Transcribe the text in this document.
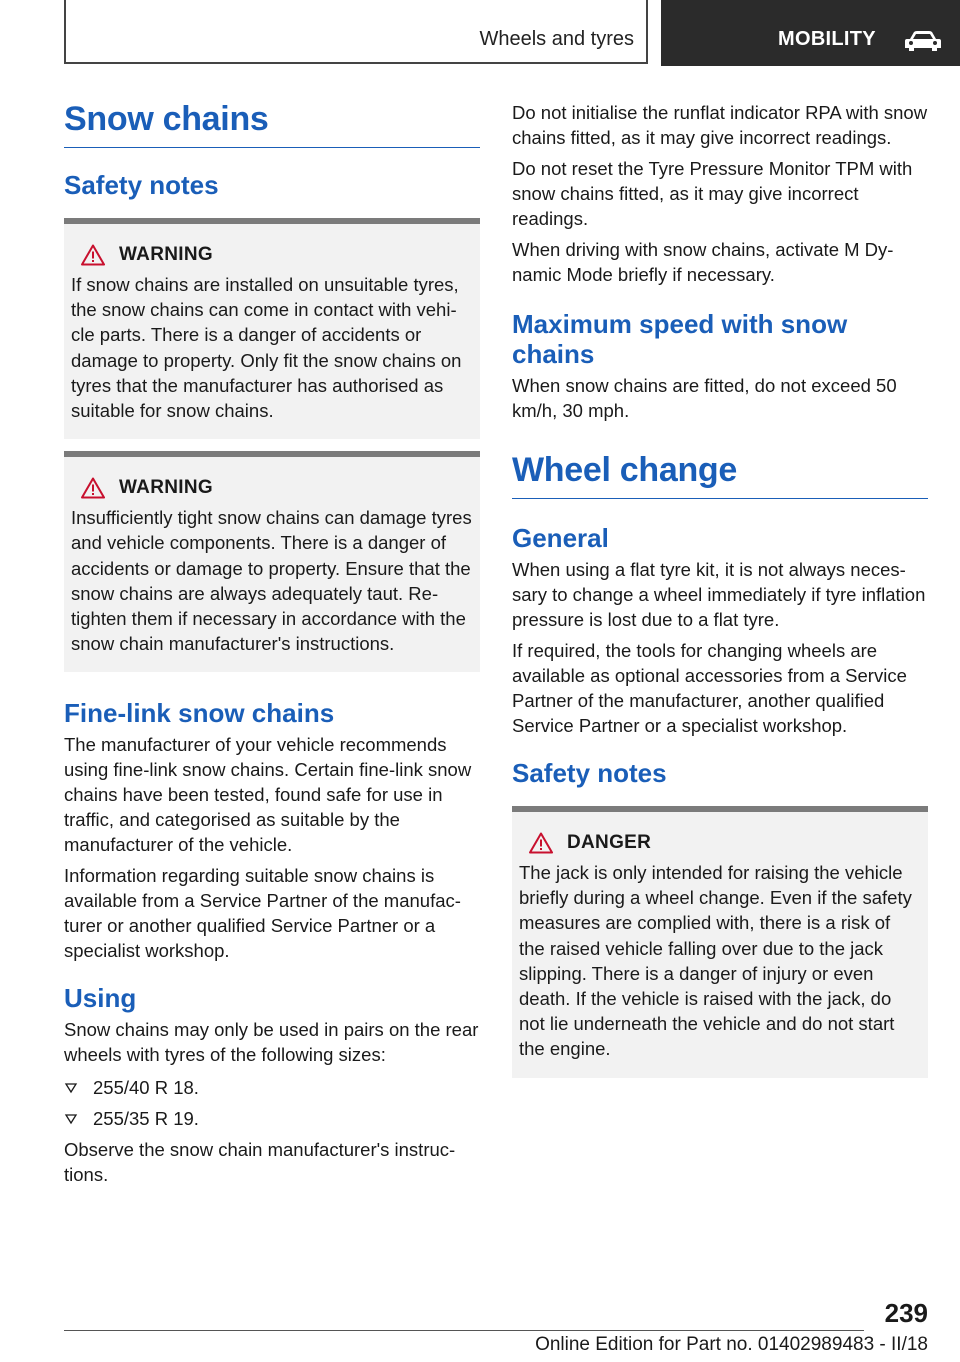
Wheels and tyres	MOBILITY
Snow chains
Safety notes
WARNING
If snow chains are installed on unsuitable tyres, the snow chains can come in contact with vehicle parts. There is a danger of accidents or damage to property. Only fit the snow chains on tyres that the manufacturer has authorised as suitable for snow chains.
WARNING
Insufficiently tight snow chains can damage tyres and vehicle components. There is a danger of accidents or damage to property. Ensure that the snow chains are always adequately taut. Re-tighten them if necessary in accordance with the snow chain manufacturer's instructions.
Fine-link snow chains

The manufacturer of your vehicle recommends using fine-link snow chains. Certain fine-link snow chains have been tested, found safe for use in traffic, and categorised as suitable by the manufacturer of the vehicle.

Information regarding suitable snow chains is available from a Service Partner of the manufacturer or another qualified Service Partner or a specialist workshop.

Using

Snow chains may only be used in pairs on the rear wheels with tyres of the following sizes:

255/40 R 18.
255/35 R 19.

Observe the snow chain manufacturer's instructions.

Do not initialise the runflat indicator RPA with snow chains fitted, as it may give incorrect readings.

Do not reset the Tyre Pressure Monitor TPM with snow chains fitted, as it may give incorrect readings.

When driving with snow chains, activate M Dynamic Mode briefly if necessary.

Maximum speed with snow chains

When snow chains are fitted, do not exceed 50 km/h, 30 mph.

Wheel change
General

When using a flat tyre kit, it is not always necessary to change a wheel immediately if tyre inflation pressure is lost due to a flat tyre.

If required, the tools for changing wheels are available as optional accessories from a Service Partner of the manufacturer, another qualified Service Partner or a specialist workshop.

Safety notes
DANGER
The jack is only intended for raising the vehicle briefly during a wheel change. Even if the safety measures are complied with, there is a risk of the raised vehicle falling over due to the jack slipping. There is a danger of injury or even death. If the vehicle is raised with the jack, do not lie underneath the vehicle and do not start the engine.
239
Online Edition for Part no. 01402989483 - II/18
